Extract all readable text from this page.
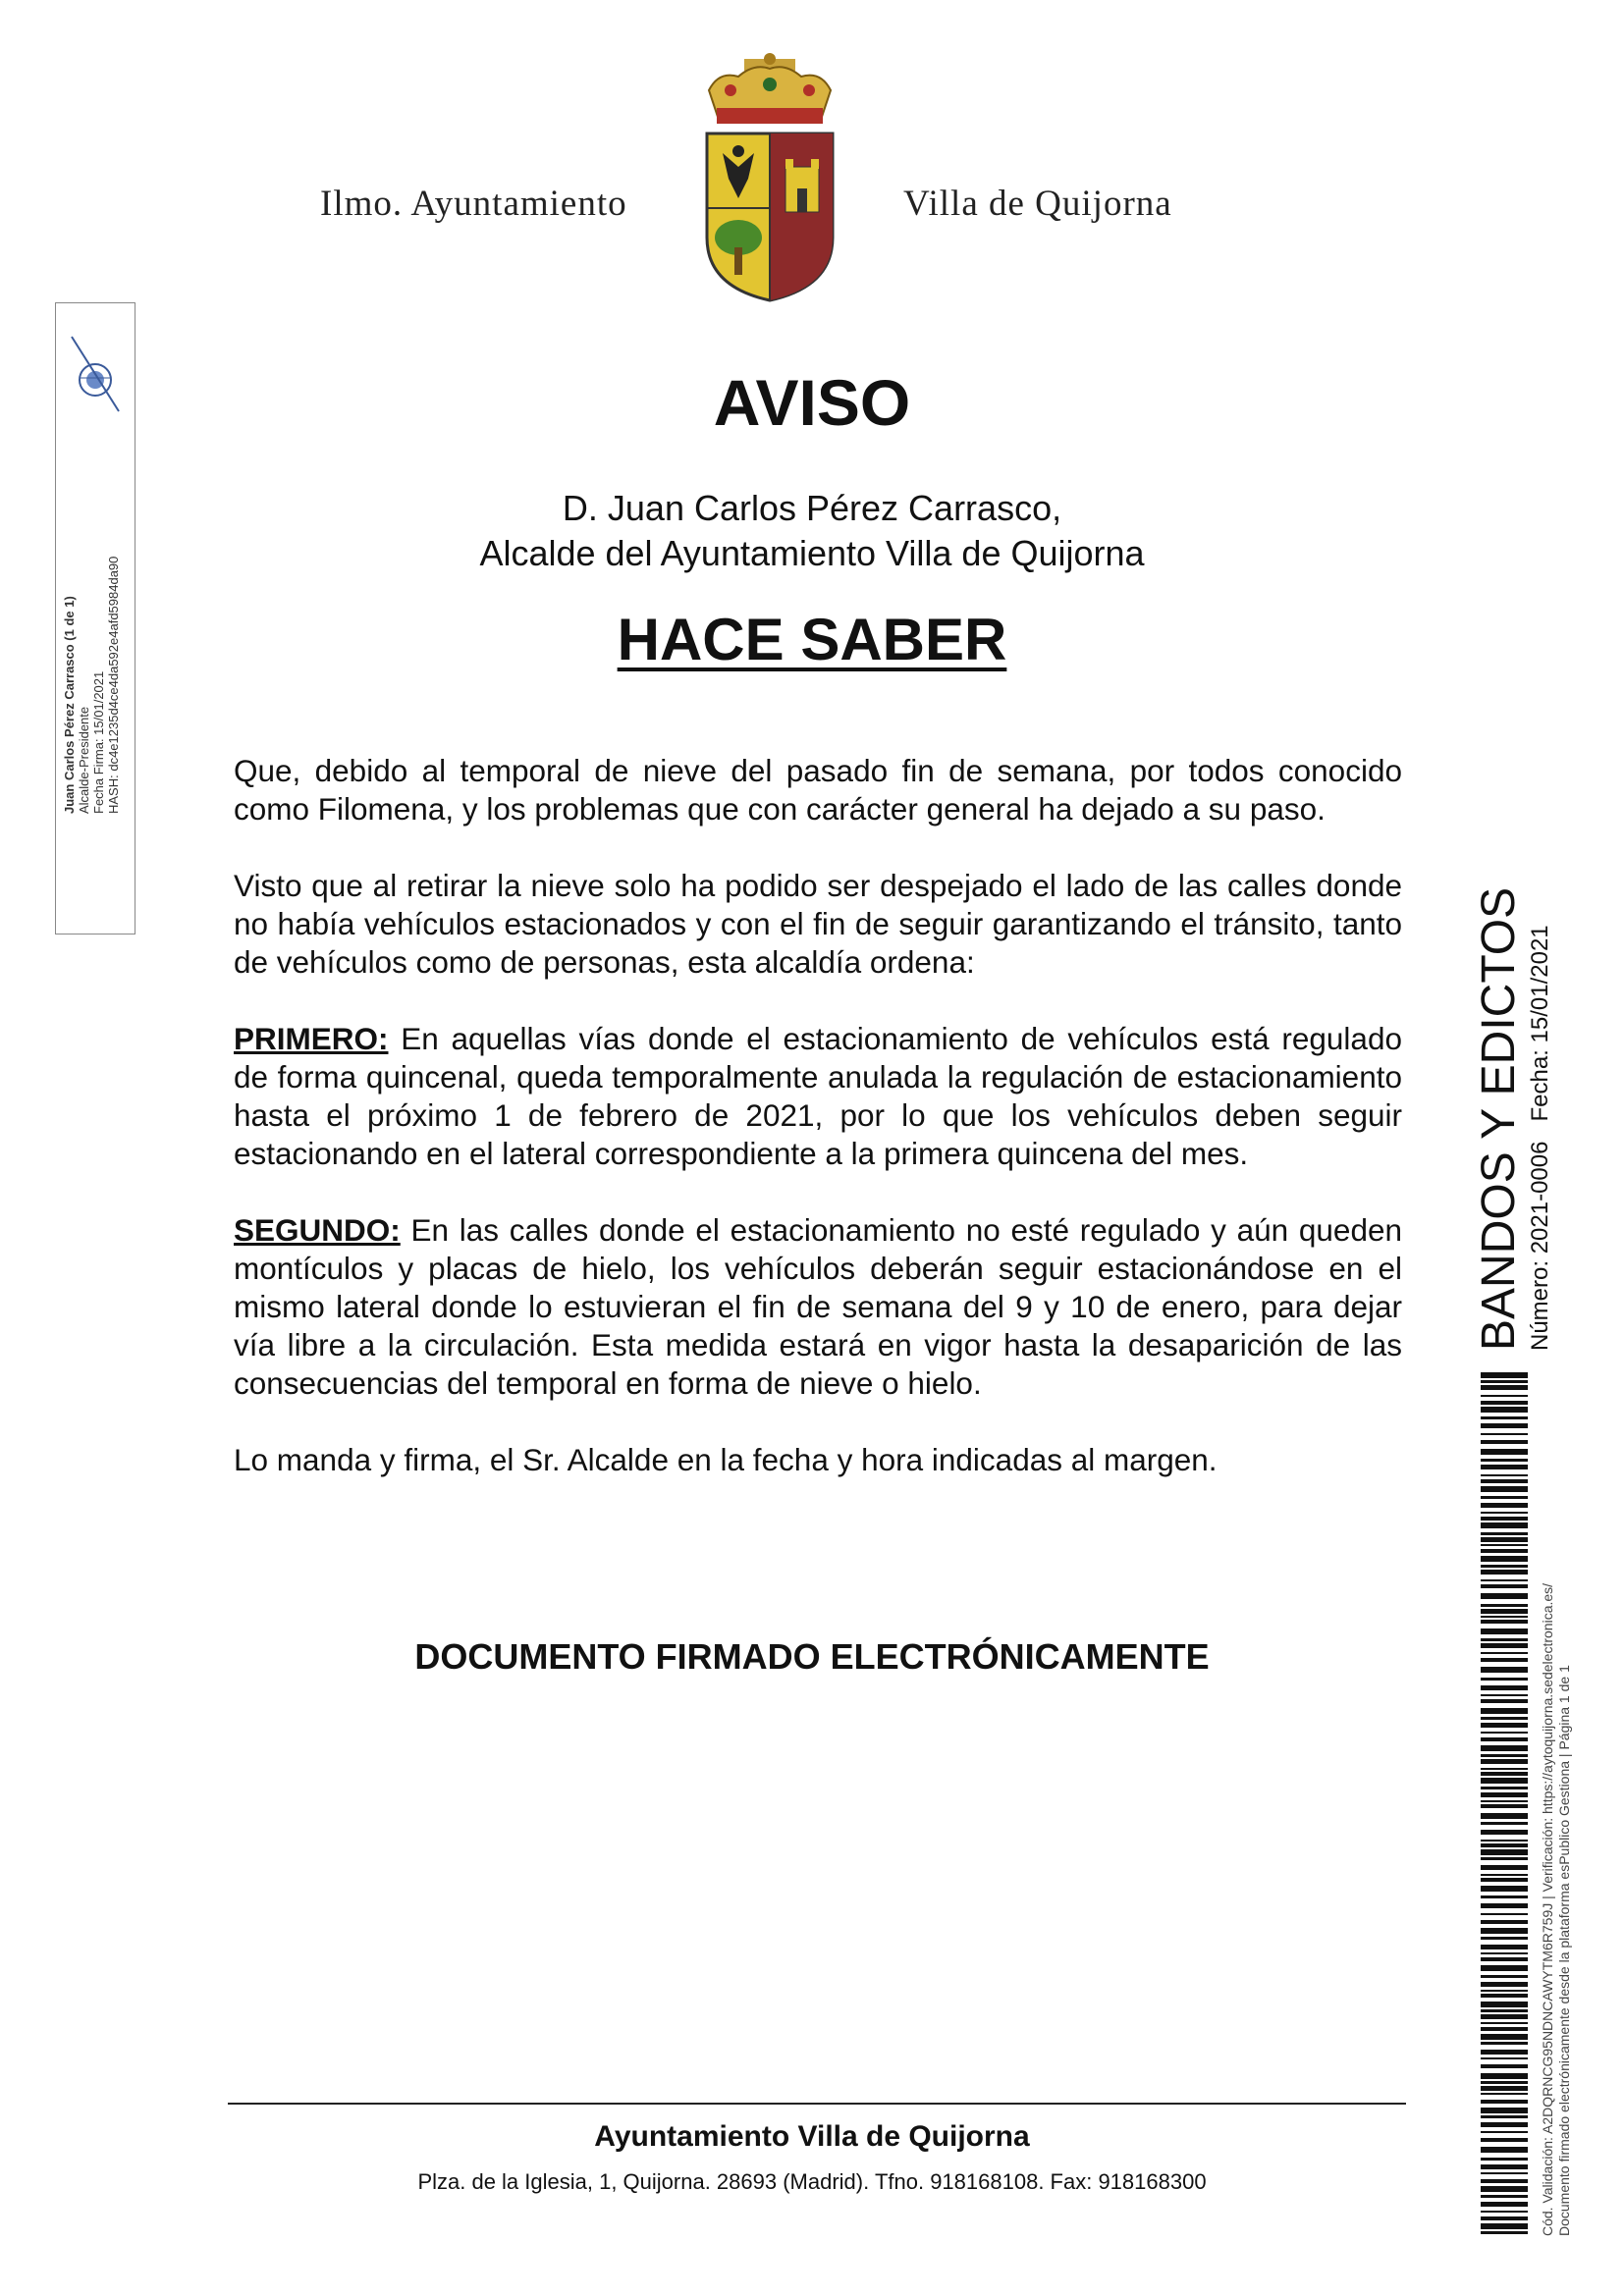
Ilmo. Ayuntamiento	Villa de Quijorna
AVISO
D. Juan Carlos Pérez Carrasco,
Alcalde del Ayuntamiento Villa de Quijorna
HACE SABER

Que, debido al temporal de nieve del pasado fin de semana, por todos conocido como Filomena, y los problemas que con carácter general ha dejado a su paso.

Visto que al retirar la nieve solo ha podido ser despejado el lado de las calles donde no había vehículos estacionados y con el fin de seguir garantizando el tránsito, tanto de vehículos como de personas, esta alcaldía ordena:

PRIMERO: En aquellas vías donde el estacionamiento de vehículos está regulado de forma quincenal, queda temporalmente anulada la regulación de estacionamiento hasta el próximo 1 de febrero de 2021, por lo que los vehículos deben seguir estacionando en el lateral correspondiente a la primera quincena del mes.

SEGUNDO: En las calles donde el estacionamiento no esté regulado y aún queden montículos y placas de hielo, los vehículos deberán seguir estacionándose en el mismo lateral donde lo estuvieran el fin de semana del 9 y 10 de enero, para dejar vía libre a la circulación. Esta medida estará en vigor hasta la desaparición de las consecuencias del temporal en forma de nieve o hielo.

Lo manda y firma, el Sr. Alcalde en la fecha y hora indicadas al margen.

DOCUMENTO FIRMADO ELECTRÓNICAMENTE
Ayuntamiento Villa de Quijorna
Plza. de la Iglesia, 1, Quijorna. 28693 (Madrid). Tfno. 918168108. Fax: 918168300
Juan Carlos Pérez Carrasco (1 de 1) Alcalde-Presidente Fecha Firma: 15/01/2021 HASH: dc4e1235d4ce4da592e4afd5984da90
BANDOS Y EDICTOS Número: 2021-0006   Fecha: 15/01/2021
Cód. Validación: A2DQRNCG95NDNCAWYTM6R759J | Verificación: https://aytoquijorna.sedelectronica.es/ Documento firmado electrónicamente desde la plataforma esPublico Gestiona | Página 1 de 1
